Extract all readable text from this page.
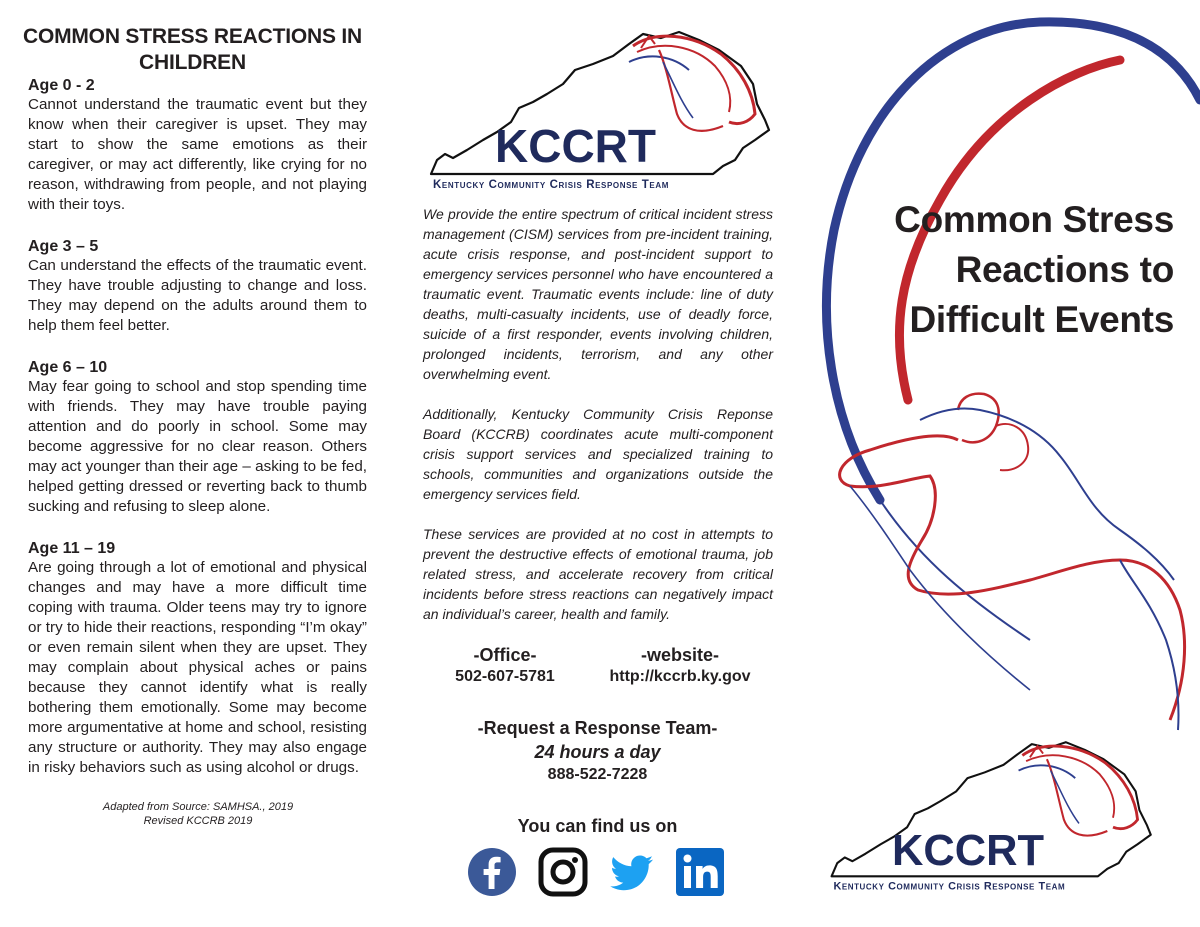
COMMON STRESS REACTIONS IN CHILDREN

Age 0 - 2

Cannot understand the traumatic event but they know when their caregiver is upset. They may start to show the same emotions as their caregiver, or may act differently, like crying for no reason, withdrawing from people, and not playing with their toys.

Age 3 – 5

Can understand the effects of the traumatic event. They have trouble adjusting to change and loss. They may depend on the adults around them to help them feel better.

Age 6 – 10

May fear going to school and stop spending time with friends. They may have trouble paying attention and do poorly in school. Some may become aggressive for no clear reason. Others may act younger than their age – asking to be fed, helped getting dressed or reverting back to thumb sucking and refusing to sleep alone.

Age 11 – 19

Are going through a lot of emotional and physical changes and may have a more difficult time coping with trauma. Older teens may try to ignore or try to hide their reactions, responding “I’m okay” or even remain silent when they are upset. They may complain about physical aches or pains because they cannot identify what is really bothering them emotionally. Some may become more argumentative at home and school, resisting any structure or authority. They may also engage in risky behaviors such as using alcohol or drugs.

Adapted from Source: SAMHSA., 2019
Revised KCCRB 2019
KCCRT
Kentucky Community Crisis Response Team

We provide the entire spectrum of critical incident stress management (CISM) services from pre-incident training, acute crisis response, and post-incident support to emergency services personnel who have encountered a traumatic event. Traumatic events include: line of duty deaths, multi-casualty incidents, use of deadly force, suicide of a first responder, events involving children, prolonged incidents, terrorism, and any other overwhelming event.

Additionally, Kentucky Community Crisis Reponse Board (KCCRB) coordinates acute multi-component crisis support services and specialized training to schools, communities and organizations outside the emergency services field.

These services are provided at no cost in attempts to prevent the destructive effects of emotional trauma, job related stress, and accelerate recovery from critical incidents before stress reactions can negatively impact an individual’s career, health and family.

-Office-
502-607-5781
-website-
http://kccrb.ky.gov
-Request a Response Team-
24 hours a day
888-522-7228
You can find us on
Common Stress
Reactions to
Difficult Events
KCCRT
Kentucky Community Crisis Response Team
